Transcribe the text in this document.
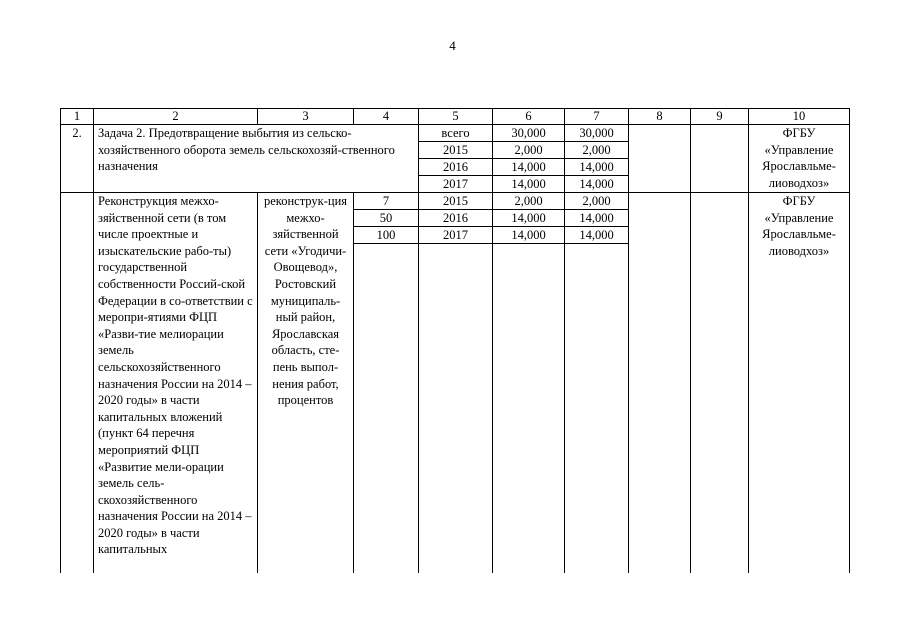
4
1	2	3	4	5	6	7	8	9	10
2.	Задача 2. Предотвращение выбытия из сельско-хозяйственного оборота земель сельскохозяй-ственного назначения			всего	30,000	30,000			ФГБУ «Управление Ярославльме-лиоводхоз»
				2015	2,000	2,000			
				2016	14,000	14,000			
				2017	14,000	14,000			
	Реконструкция межхо-зяйственной сети (в том числе проектные и изыскательские рабо-ты) государственной собственности Россий-ской Федерации в со-ответствии с меропри-ятиями ФЦП «Разви-тие мелиорации земель сельскохозяйственного назначения России на 2014 – 2020 годы» в части капитальных вложений (пункт 64 перечня мероприятий ФЦП «Развитие мели-орации земель сель-скохозяйственного назначения России на 2014 – 2020 годы» в части капитальных	реконструк-ция межхо-зяйственной сети «Угодичи-Овощевод», Ростовский муниципаль-ный район, Ярославская область, сте-пень выпол-нения работ, процентов	7	2015	2,000	2,000			ФГБУ «Управление Ярославльме-лиоводхоз»
			50	2016	14,000	14,000			
			100	2017	14,000	14,000			
